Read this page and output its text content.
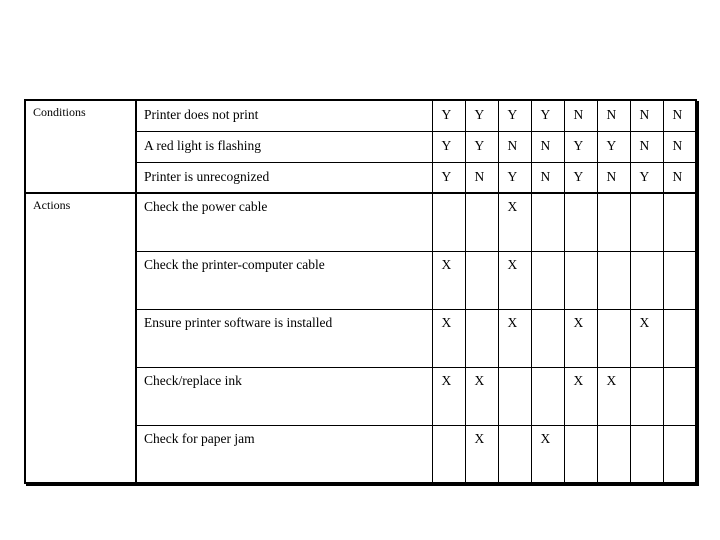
Conditions	Printer does not print	Y	Y	Y	Y	N	N	N	N
	A red light is flashing	Y	Y	N	N	Y	Y	N	N
	Printer is unrecognized	Y	N	Y	N	Y	N	Y	N
Actions	Check the power cable			X					
	Check the printer-computer cable	X		X					
	Ensure printer software is installed	X		X		X		X	
	Check/replace ink	X	X			X	X		
	Check for paper jam		X		X				
